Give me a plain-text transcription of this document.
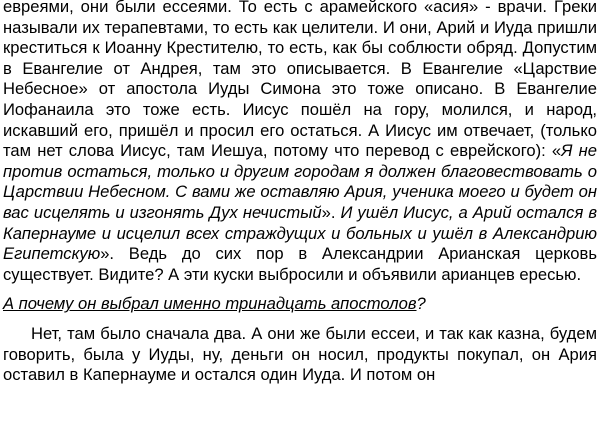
евреями, они были ессеями. То есть с арамейского «асия» - врачи. Греки называли их терапевтами, то есть как целители. И они, Арий и Иуда пришли креститься к Иоанну Крестителю, то есть, как бы соблюсти обряд. Допустим в Евангелие от Андрея, там это описывается. В Евангелие «Царствие Небесное» от апостола Иуды Симона это тоже описано. В Евангелие Иофанаила это тоже есть. Иисус пошёл на гору, молился, и народ, искавший его, пришёл и просил его остаться. А Иисус им отвечает, (только там нет слова Иисус, там Иешуа, потому что перевод с еврейского): «Я не против остаться, только и другим городам я должен благовествовать о Царствии Небесном. С вами же оставляю Ария, ученика моего и будет он вас исцелять и изгонять Дух нечистый». И ушёл Иисус, а Арий остался в Капернауме и исцелил всех страждущих и больных и ушёл в Александрию Египетскую». Ведь до сих пор в Александрии Арианская церковь существует. Видите? А эти куски выбросили и объявили арианцев ересью.

А почему он выбрал именно тринадцать апостолов?

Нет, там было сначала два. А они же были ессеи, и так как казна, будем говорить, была у Иуды, ну, деньги он носил, продукты покупал, он Ария оставил в Капернауме и остался один Иуда. И потом он
